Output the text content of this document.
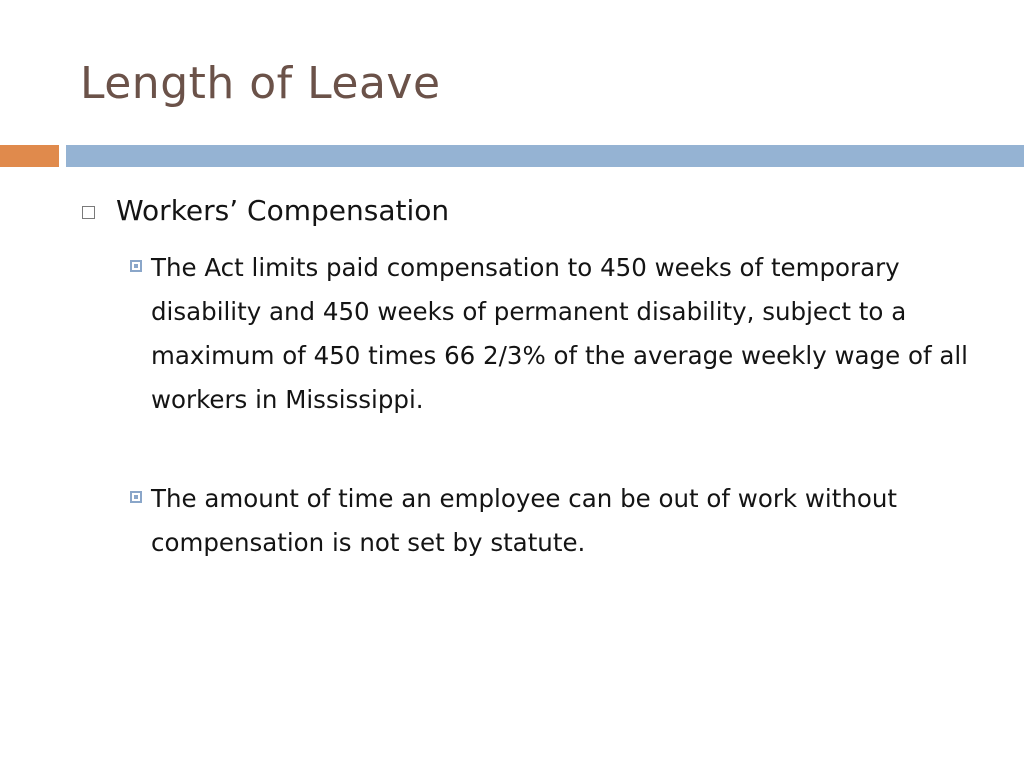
Length of Leave
Workers’ Compensation
The Act limits paid compensation to 450 weeks of temporary disability and 450 weeks of permanent disability, subject to a maximum of 450 times 66 2/3% of the average weekly wage of all workers in Mississippi.
The amount of time an employee can be out of work without compensation is not set by statute.
